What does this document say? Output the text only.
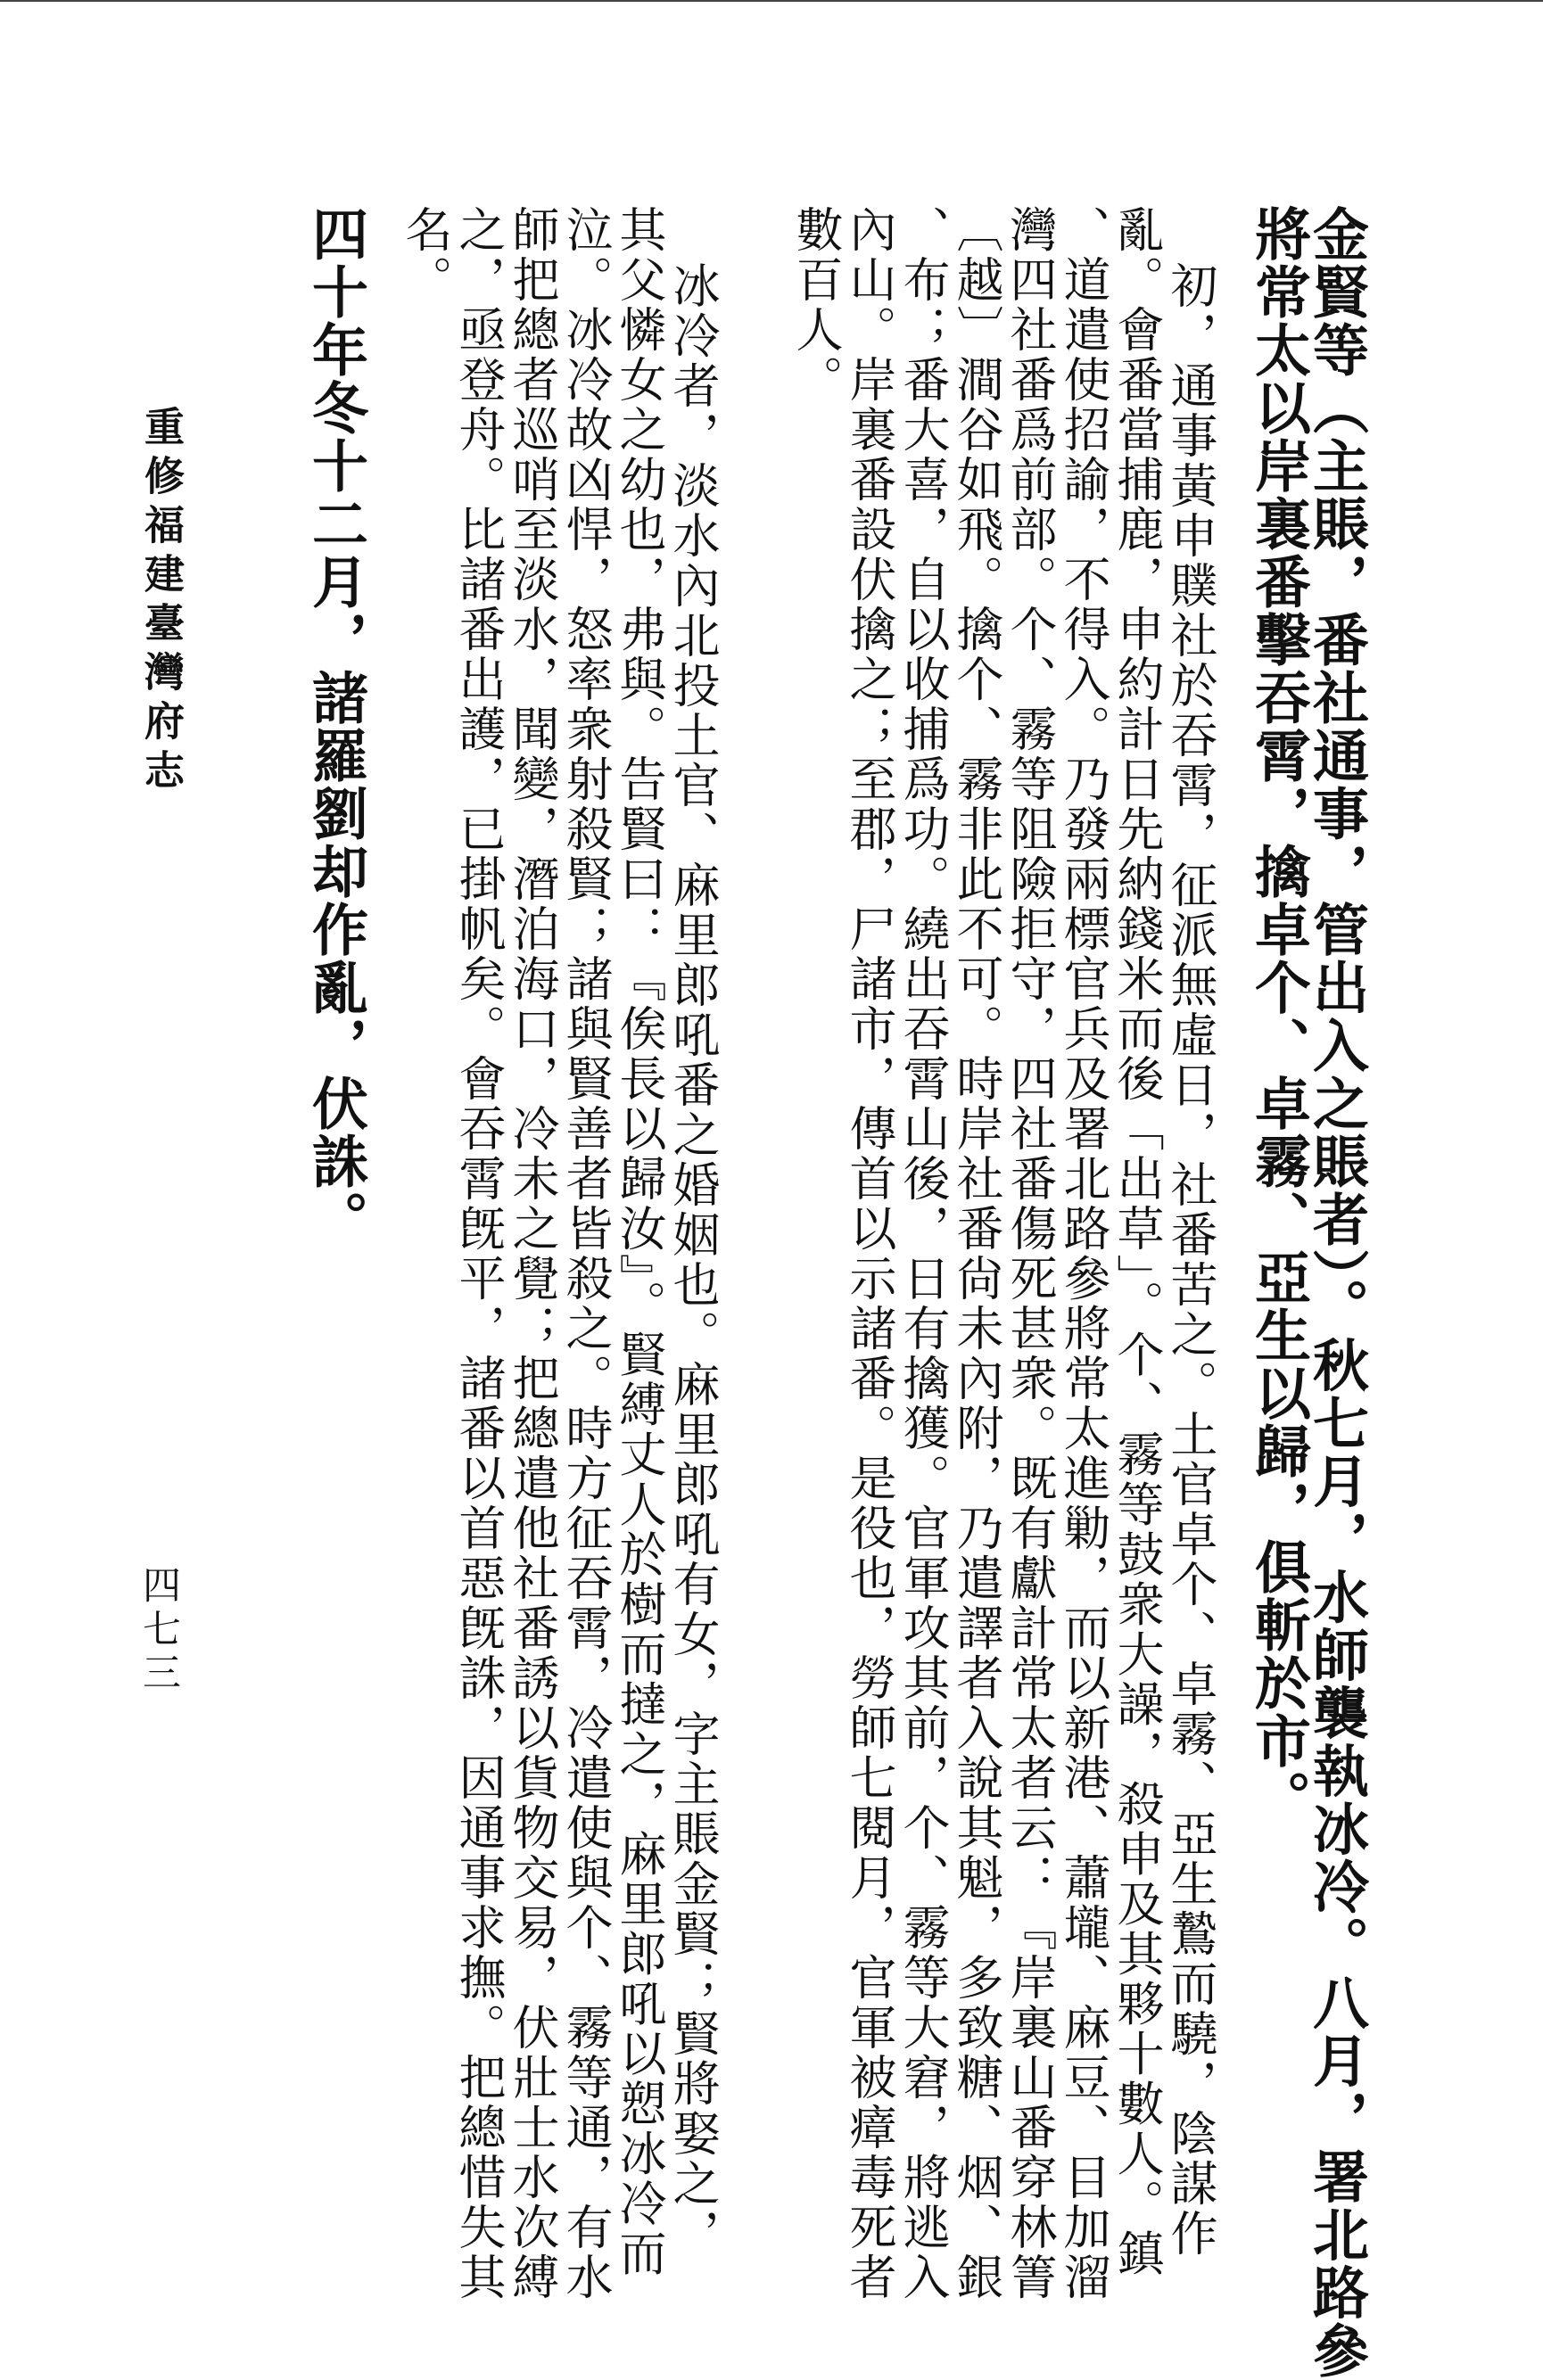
金賢等（主賬，番社通事，管出入之賬者）。秋七月，水師襲執冰冷。八月，署北路參
將常太以岸裏番擊吞霄，擒卓个、卓霧、亞生以歸，俱斬於市。
初，通事黃申贌社於吞霄，征派無虛日，社番苦之。土官卓个、卓霧、亞生鷙而驍，陰謀作
亂。會番當捕鹿，申約計日先納錢米而後「出草」。个、霧等鼓衆大譟，殺申及其夥十數人。鎮
、道遣使招諭，不得入。乃發兩標官兵及署北路參將常太進勦，而以新港、蕭壠、麻豆、目加溜
灣四社番爲前部。个、霧等阻險拒守，四社番傷死甚衆。既有獻計常太者云：『岸裏山番穿林箐
〔越〕澗谷如飛。擒个、霧非此不可。時岸社番尙未內附，乃遣譯者入說其魁，多致糖、烟、銀
、布；番大喜，自以收捕爲功。繞出吞霄山後，日有擒獲。官軍攻其前，个、霧等大窘，將逃入
內山。岸裏番設伏擒之；至郡，尸諸市，傳首以示諸番。是役也，勞師七閱月，官軍被瘴毒死者
數百人。
冰冷者，淡水內北投土官、麻里郎吼番之婚姻也。麻里郎吼有女，字主賬金賢；賢將娶之，
其父憐女之幼也，弗與。告賢曰：『俟長以歸汝』。賢縛丈人於樹而撻之，麻里郎吼以愬冰冷而
泣。冰冷故凶悍，怒率衆射殺賢；諸與賢善者皆殺之。時方征吞霄，冷遣使與个、霧等通，有水
師把總者巡哨至淡水，聞變，潛泊海口，冷未之覺；把總遣他社番誘以貨物交易，伏壯士水次縛
之，亟登舟。比諸番出護，已掛帆矣。會吞霄旣平，諸番以首惡旣誅，因通事求撫。把總惜失其
名。
四十年冬十二月，諸羅劉却作亂，伏誅。
重修福建臺灣府志
四七三
